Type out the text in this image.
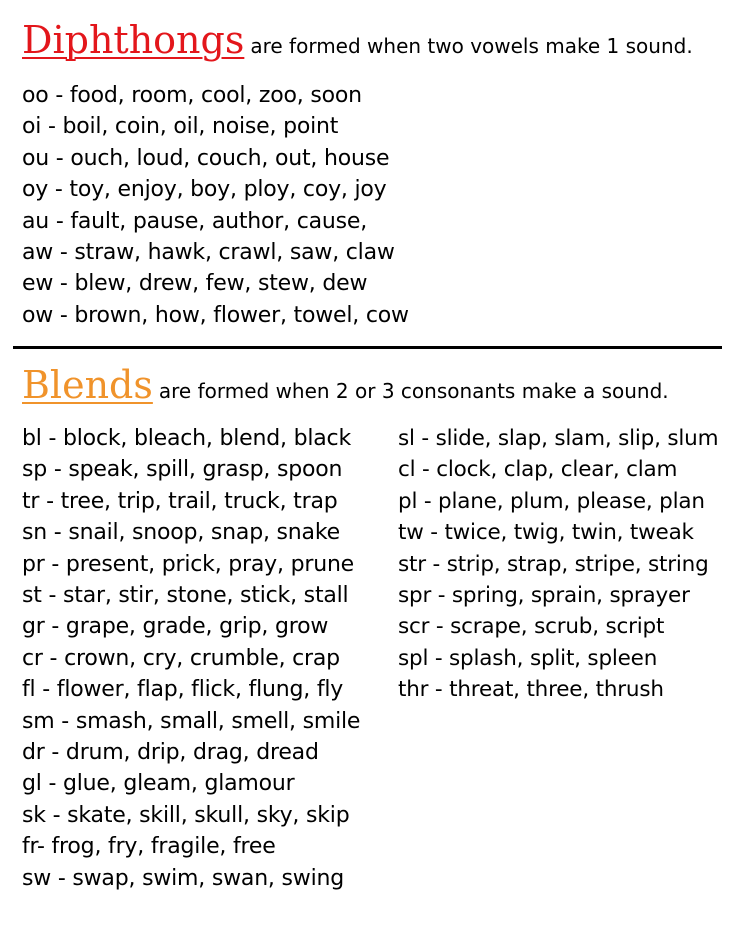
Diphthongs are formed when two vowels make 1 sound.
oo - food, room, cool, zoo, soon
oi - boil, coin, oil, noise, point
ou - ouch, loud, couch, out, house
oy - toy, enjoy, boy, ploy, coy, joy
au - fault, pause, author, cause,
aw - straw, hawk, crawl, saw, claw
ew - blew, drew, few, stew, dew
ow - brown, how, flower, towel, cow
Blends are formed when 2 or 3 consonants make a sound.
bl - block, bleach, blend, black
sp - speak, spill, grasp, spoon
tr - tree, trip, trail, truck, trap
sn - snail, snoop, snap, snake
pr - present, prick, pray, prune
st - star, stir, stone, stick, stall
gr - grape, grade, grip, grow
cr - crown, cry, crumble, crap
fl - flower, flap, flick, flung, fly
sm - smash, small, smell, smile
dr - drum, drip, drag, dread
gl - glue, gleam, glamour
sk - skate, skill, skull, sky, skip
fr- frog, fry, fragile, free
sw - swap, swim, swan, swing
sl - slide, slap, slam, slip, slum
cl - clock, clap, clear, clam
pl - plane, plum, please, plan
tw - twice, twig, twin, tweak
str - strip, strap, stripe, string
spr - spring, sprain, sprayer
scr - scrape, scrub, script
spl - splash, split, spleen
thr - threat, three, thrush
